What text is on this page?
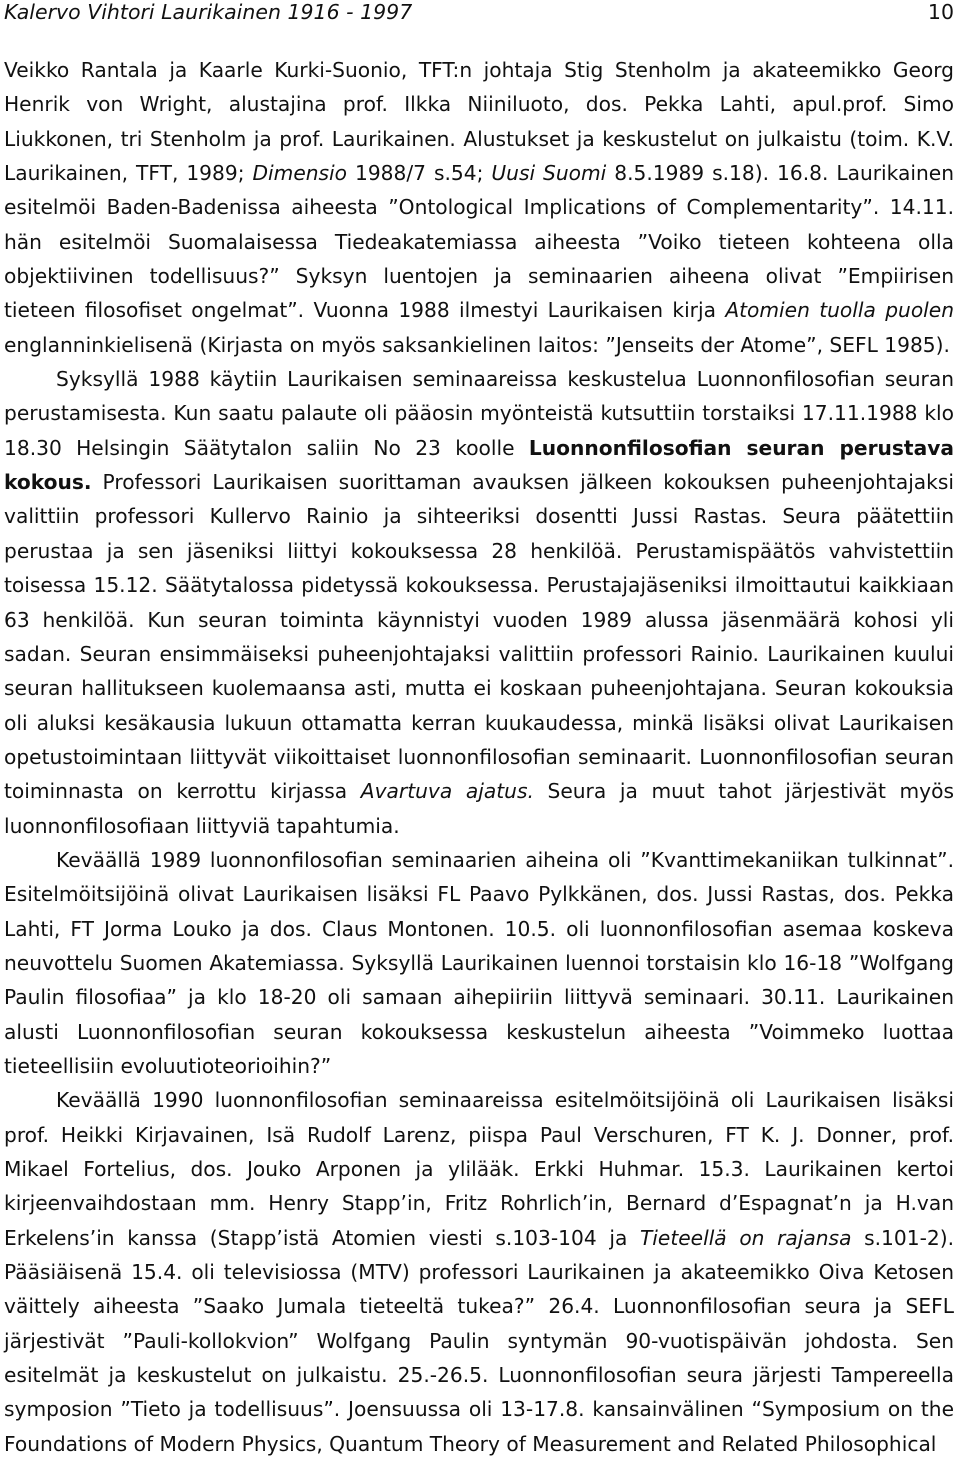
Kalervo Vihtori Laurikainen 1916 - 1997	10

Veikko Rantala ja Kaarle Kurki-Suonio, TFT:n johtaja Stig Stenholm ja akateemikko Georg Henrik von Wright, alustajina prof. Ilkka Niiniluoto, dos. Pekka Lahti, apul.prof. Simo Liukkonen, tri Stenholm ja prof. Laurikainen. Alustukset ja keskustelut on julkaistu (toim. K.V. Laurikainen, TFT, 1989; Dimensio 1988/7 s.54; Uusi Suomi 8.5.1989 s.18). 16.8. Laurikainen esitelmöi Baden-Badenissa aiheesta ”Ontological Implications of Complementarity”. 14.11. hän esitelmöi Suomalaisessa Tiedeakatemiassa aiheesta ”Voiko tieteen kohteena olla objektiivinen todellisuus?” Syksyn luentojen ja seminaarien aiheena olivat ”Empiirisen tieteen filosofiset ongelmat”. Vuonna 1988 ilmestyi Laurikaisen kirja Atomien tuolla puolen englanninkielisenä (Kirjasta on myös saksankielinen laitos: ”Jenseits der Atome”, SEFL 1985).

Syksyllä 1988 käytiin Laurikaisen seminaareissa keskustelua Luonnonfilosofian seuran perustamisesta. Kun saatu palaute oli pääosin myönteistä kutsuttiin torstaiksi 17.11.1988 klo 18.30 Helsingin Säätytalon saliin No 23 koolle Luonnonfilosofian seuran perustava kokous. Professori Laurikaisen suorittaman avauksen jälkeen kokouksen puheenjohtajaksi valittiin professori Kullervo Rainio ja sihteeriksi dosentti Jussi Rastas. Seura päätettiin perustaa ja sen jäseniksi liittyi kokouksessa 28 henkilöä. Perustamispäätös vahvistettiin toisessa 15.12. Säätytalossa pidetyssä kokouksessa. Perustajajäseniksi ilmoittautui kaikkiaan 63 henkilöä. Kun seuran toiminta käynnistyi vuoden 1989 alussa jäsenmäärä kohosi yli sadan. Seuran ensimmäiseksi puheenjohtajaksi valittiin professori Rainio. Laurikainen kuului seuran hallitukseen kuolemaansa asti, mutta ei koskaan puheenjohtajana. Seuran kokouksia oli aluksi kesäkausia lukuun ottamatta kerran kuukaudessa, minkä lisäksi olivat Laurikaisen opetustoimintaan liittyvät viikoittaiset luonnonfilosofian seminaarit. Luonnonfilosofian seuran toiminnasta on kerrottu kirjassa Avartuva ajatus. Seura ja muut tahot järjestivät myös luonnonfilosofiaan liittyviä tapahtumia.

Keväällä 1989 luonnonfilosofian seminaarien aiheina oli ”Kvanttimekaniikan tulkinnat”. Esitelmöitsijöinä olivat Laurikaisen lisäksi FL Paavo Pylkkänen, dos. Jussi Rastas, dos. Pekka Lahti, FT Jorma Louko ja dos. Claus Montonen. 10.5. oli luonnonfilosofian asemaa koskeva neuvottelu Suomen Akatemiassa. Syksyllä Laurikainen luennoi torstaisin klo 16-18 ”Wolfgang Paulin filosofiaa” ja klo 18-20 oli samaan aihepiiriin liittyvä seminaari. 30.11. Laurikainen alusti Luonnonfilosofian seuran kokouksessa keskustelun aiheesta ”Voimmeko luottaa tieteellisiin evoluutioteorioihin?”

Keväällä 1990 luonnonfilosofian seminaareissa esitelmöitsijöinä oli Laurikaisen lisäksi prof. Heikki Kirjavainen, Isä Rudolf Larenz, piispa Paul Verschuren, FT K. J. Donner, prof. Mikael Fortelius, dos. Jouko Arponen ja ylilääk. Erkki Huhmar. 15.3. Laurikainen kertoi kirjeenvaihdostaan mm. Henry Stapp’in, Fritz Rohrlich’in, Bernard d’Espagnat’n ja H.van Erkelens’in kanssa (Stapp’istä Atomien viesti s.103-104 ja Tieteellä on rajansa s.101-2). Pääsiäisenä 15.4. oli televisiossa (MTV) professori Laurikainen ja akateemikko Oiva Ketosen väittely aiheesta ”Saako Jumala tieteeltä tukea?” 26.4. Luonnonfilosofian seura ja SEFL järjestivät ”Pauli-kollokvion” Wolfgang Paulin syntymän 90-vuotispäivän johdosta. Sen esitelmät ja keskustelut on julkaistu. 25.-26.5. Luonnonfilosofian seura järjesti Tampereella symposion ”Tieto ja todellisuus”. Joensuussa oli 13-17.8. kansainvälinen “Symposium on the Foundations of Modern Physics, Quantum Theory of Measurement and Related Philosophical
